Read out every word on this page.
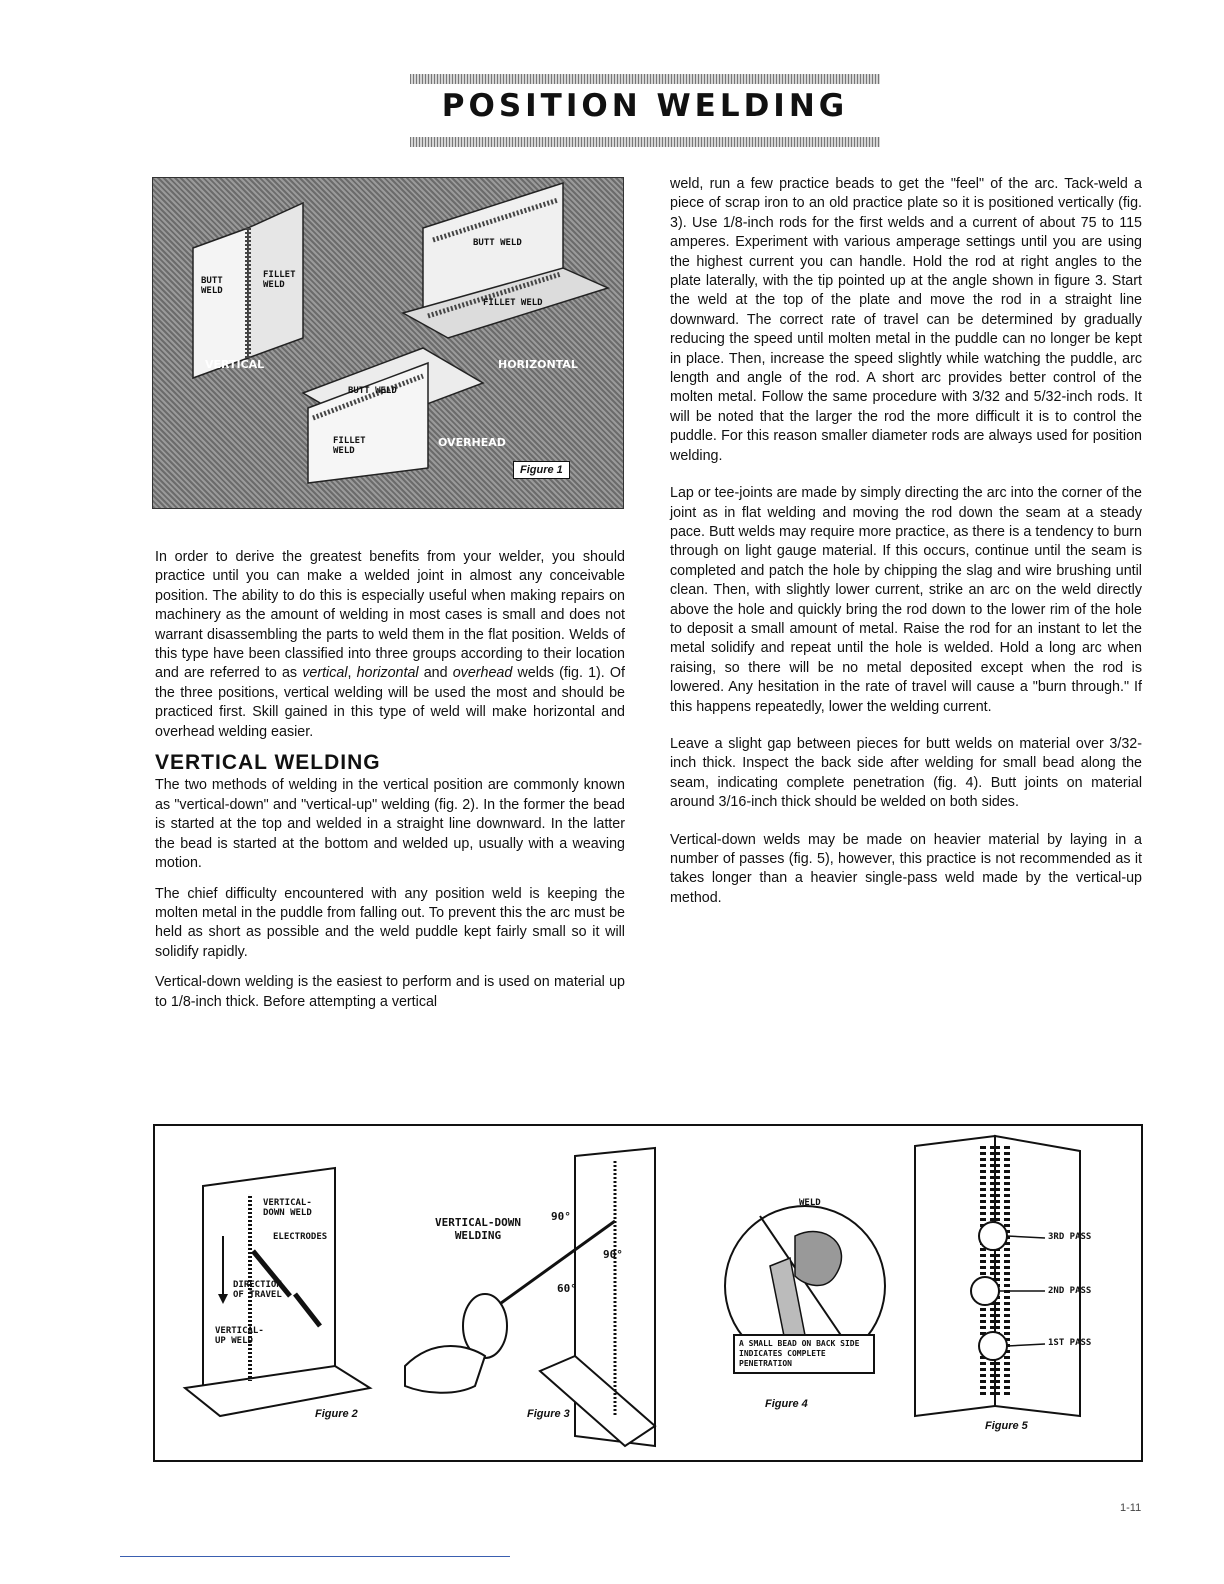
POSITION WELDING
BUTT WELD
FILLET WELD
BUTT WELD
FILLET WELD
VERTICAL	HORIZONTAL
BUTT WELD
FILLET WELD
OVERHEAD
Figure 1

In order to derive the greatest benefits from your welder, you should practice until you can make a welded joint in almost any conceivable position. The ability to do this is especially useful when making repairs on machinery as the amount of welding in most cases is small and does not warrant disassembling the parts to weld them in the flat position. Welds of this type have been classified into three groups according to their location and are referred to as vertical, horizontal and overhead welds (fig. 1). Of the three positions, vertical welding will be used the most and should be practiced first. Skill gained in this type of weld will make horizontal and overhead welding easier.

VERTICAL WELDING

The two methods of welding in the vertical position are commonly known as "vertical-down" and "vertical-up" welding (fig. 2). In the former the bead is started at the top and welded in a straight line downward. In the latter the bead is started at the bottom and welded up, usually with a weaving motion.

The chief difficulty encountered with any position weld is keeping the molten metal in the puddle from falling out. To prevent this the arc must be held as short as possible and the weld puddle kept fairly small so it will solidify rapidly.

Vertical-down welding is the easiest to perform and is used on material up to 1/8-inch thick. Before attempting a vertical

weld, run a few practice beads to get the "feel" of the arc. Tack-weld a piece of scrap iron to an old practice plate so it is positioned vertically (fig. 3). Use 1/8-inch rods for the first welds and a current of about 75 to 115 amperes. Experiment with various amperage settings until you are using the highest current you can handle. Hold the rod at right angles to the plate laterally, with the tip pointed up at the angle shown in figure 3. Start the weld at the top of the plate and move the rod in a straight line downward. The correct rate of travel can be determined by gradually reducing the speed until molten metal in the puddle can no longer be kept in place. Then, increase the speed slightly while watching the puddle, arc length and angle of the rod. A short arc provides better control of the molten metal. Follow the same procedure with 3/32 and 5/32-inch rods. It will be noted that the larger the rod the more difficult it is to control the puddle. For this reason smaller diameter rods are always used for position welding.

Lap or tee-joints are made by simply directing the arc into the corner of the joint as in flat welding and moving the rod down the seam at a steady pace. Butt welds may require more practice, as there is a tendency to burn through on light gauge material. If this occurs, continue until the seam is completed and patch the hole by chipping the slag and wire brushing until clean. Then, with slightly lower current, strike an arc on the weld directly above the hole and quickly bring the rod down to the lower rim of the hole to deposit a small amount of metal. Raise the rod for an instant to let the metal solidify and repeat until the hole is welded. Hold a long arc when raising, so there will be no metal deposited except when the rod is lowered. Any hesitation in the rate of travel will cause a "burn through." If this happens repeatedly, lower the welding current.

Leave a slight gap between pieces for butt welds on material over 3/32-inch thick. Inspect the back side after welding for small bead along the seam, indicating complete penetration (fig. 4). Butt joints on material around 3/16-inch thick should be welded on both sides.

Vertical-down welds may be made on heavier material by laying in a number of passes (fig. 5), however, this practice is not recommended as it takes longer than a heavier single-pass weld made by the vertical-up method.

VERTICAL-DOWN WELD
ELECTRODES
DIRECTION OF TRAVEL
VERTICAL-UP WELD
Figure 2
VERTICAL-DOWN WELDING
90°
90°
60°
Figure 3
WELD
A SMALL BEAD ON BACK SIDE INDICATES COMPLETE PENETRATION
Figure 4
3RD PASS
2ND PASS
1ST PASS
Figure 5
1-11
